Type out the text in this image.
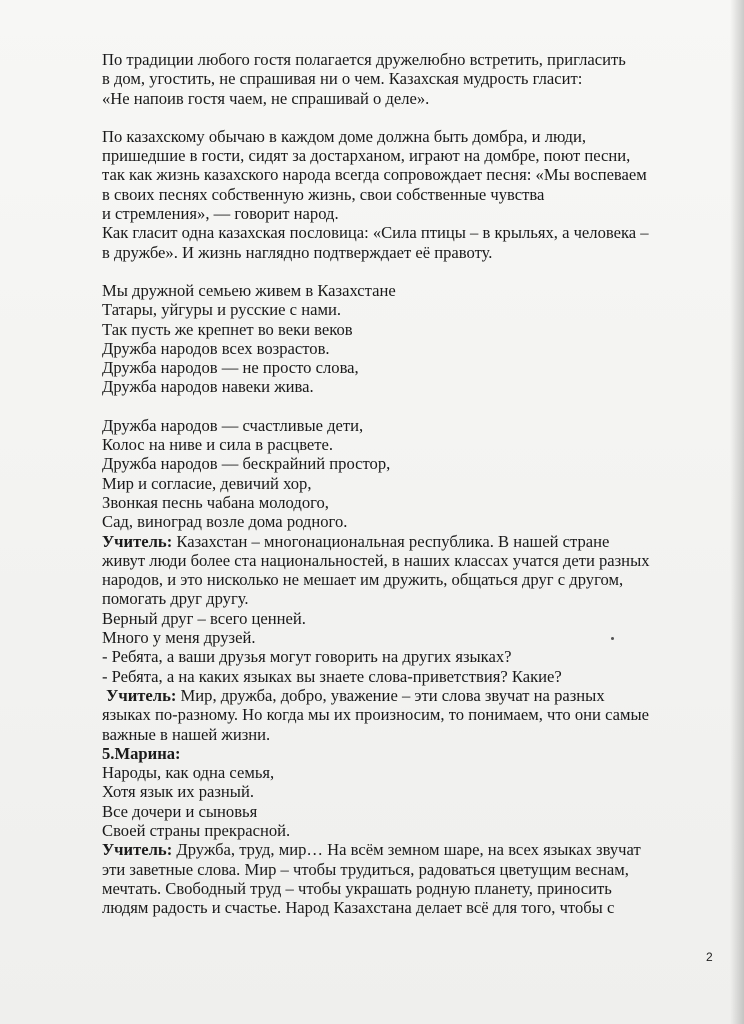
По традиции любого гостя полагается дружелюбно встретить, пригласить
в дом, угостить, не спрашивая ни о чем. Казахская мудрость гласит:
«Не напоив гостя чаем, не спрашивай о деле».
По казахскому обычаю в каждом доме должна быть домбра, и люди,
пришедшие в гости, сидят за достарханом, играют на домбре, поют песни,
так как жизнь казахского народа всегда сопровождает песня: «Мы воспеваем
в своих песнях собственную жизнь, свои собственные чувства
и стремления», — говорит народ.
Как гласит одна казахская пословица: «Сила птицы – в крыльях, а человека –
в дружбе». И жизнь наглядно подтверждает её правоту.
Мы дружной семьею живем в Казахстане
Татары, уйгуры и русские с нами.
Так пусть же крепнет во веки веков
Дружба народов всех возрастов.
Дружба народов — не просто слова,
Дружба народов навеки жива.
Дружба народов — счастливые дети,
Колос на ниве и сила в расцвете.
Дружба народов — бескрайний простор,
Мир и согласие, девичий хор,
Звонкая песнь чабана молодого,
Сад, виноград возле дома родного.
Учитель: Казахстан – многонациональная республика. В нашей стране
живут люди более ста национальностей, в наших классах учатся дети разных
народов, и это нисколько не мешает им дружить, общаться друг с другом,
помогать друг другу.
Верный друг – всего ценней.
Много у меня друзей.
- Ребята, а ваши друзья могут говорить на других языках?
- Ребята, а на каких языках вы знаете слова-приветствия? Какие?
Учитель: Мир, дружба, добро, уважение – эти слова звучат на разных
языках по-разному. Но когда мы их произносим, то понимаем, что они самые
важные в нашей жизни.
5.Марина:
Народы, как одна семья,
Хотя язык их разный.
Все дочери и сыновья
Своей страны прекрасной.
Учитель: Дружба, труд, мир… На всём земном шаре, на всех языках звучат
эти заветные слова. Мир – чтобы трудиться, радоваться цветущим веснам,
мечтать. Свободный труд – чтобы украшать родную планету, приносить
людям радость и счастье. Народ Казахстана делает всё для того, чтобы с
2
